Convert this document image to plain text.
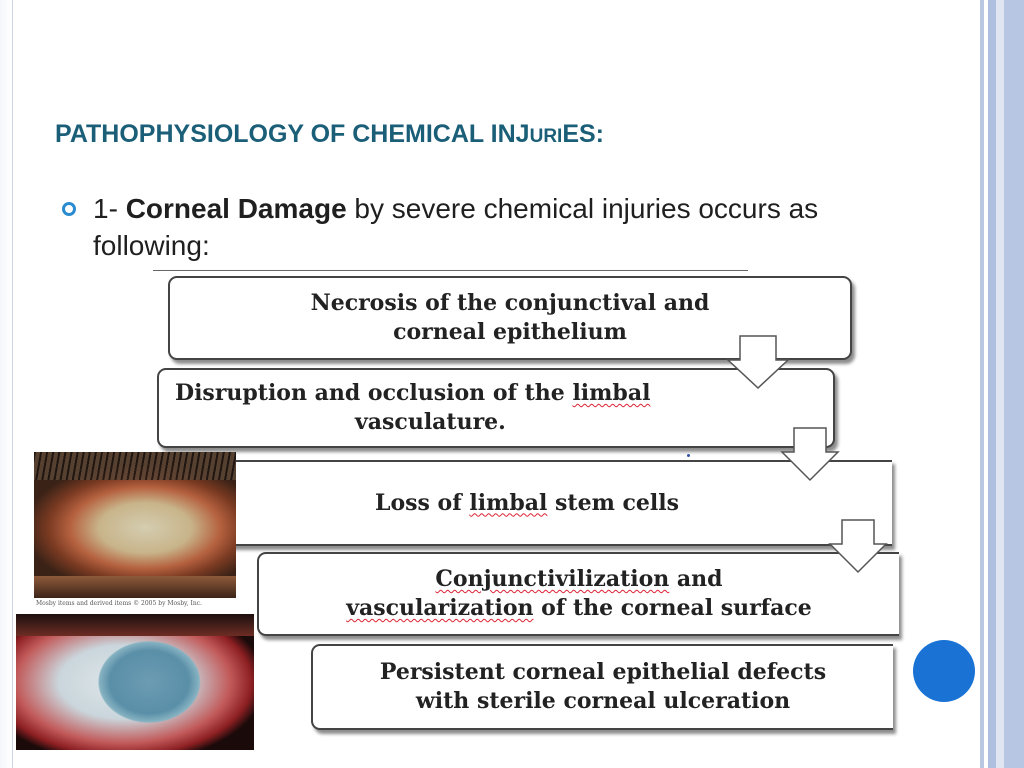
PATHOPHYSIOLOGY OF CHEMICAL INJURIES:
1- Corneal Damage by severe chemical injuries occurs as following:
Necrosis of the conjunctival and
corneal epithelium
Disruption and occlusion of the limbal
vasculature.
Loss of limbal stem cells
Conjunctivilization and
vascularization of the corneal surface
Persistent corneal epithelial defects
with sterile corneal ulceration
Mosby items and derived items © 2005 by Mosby, Inc.
